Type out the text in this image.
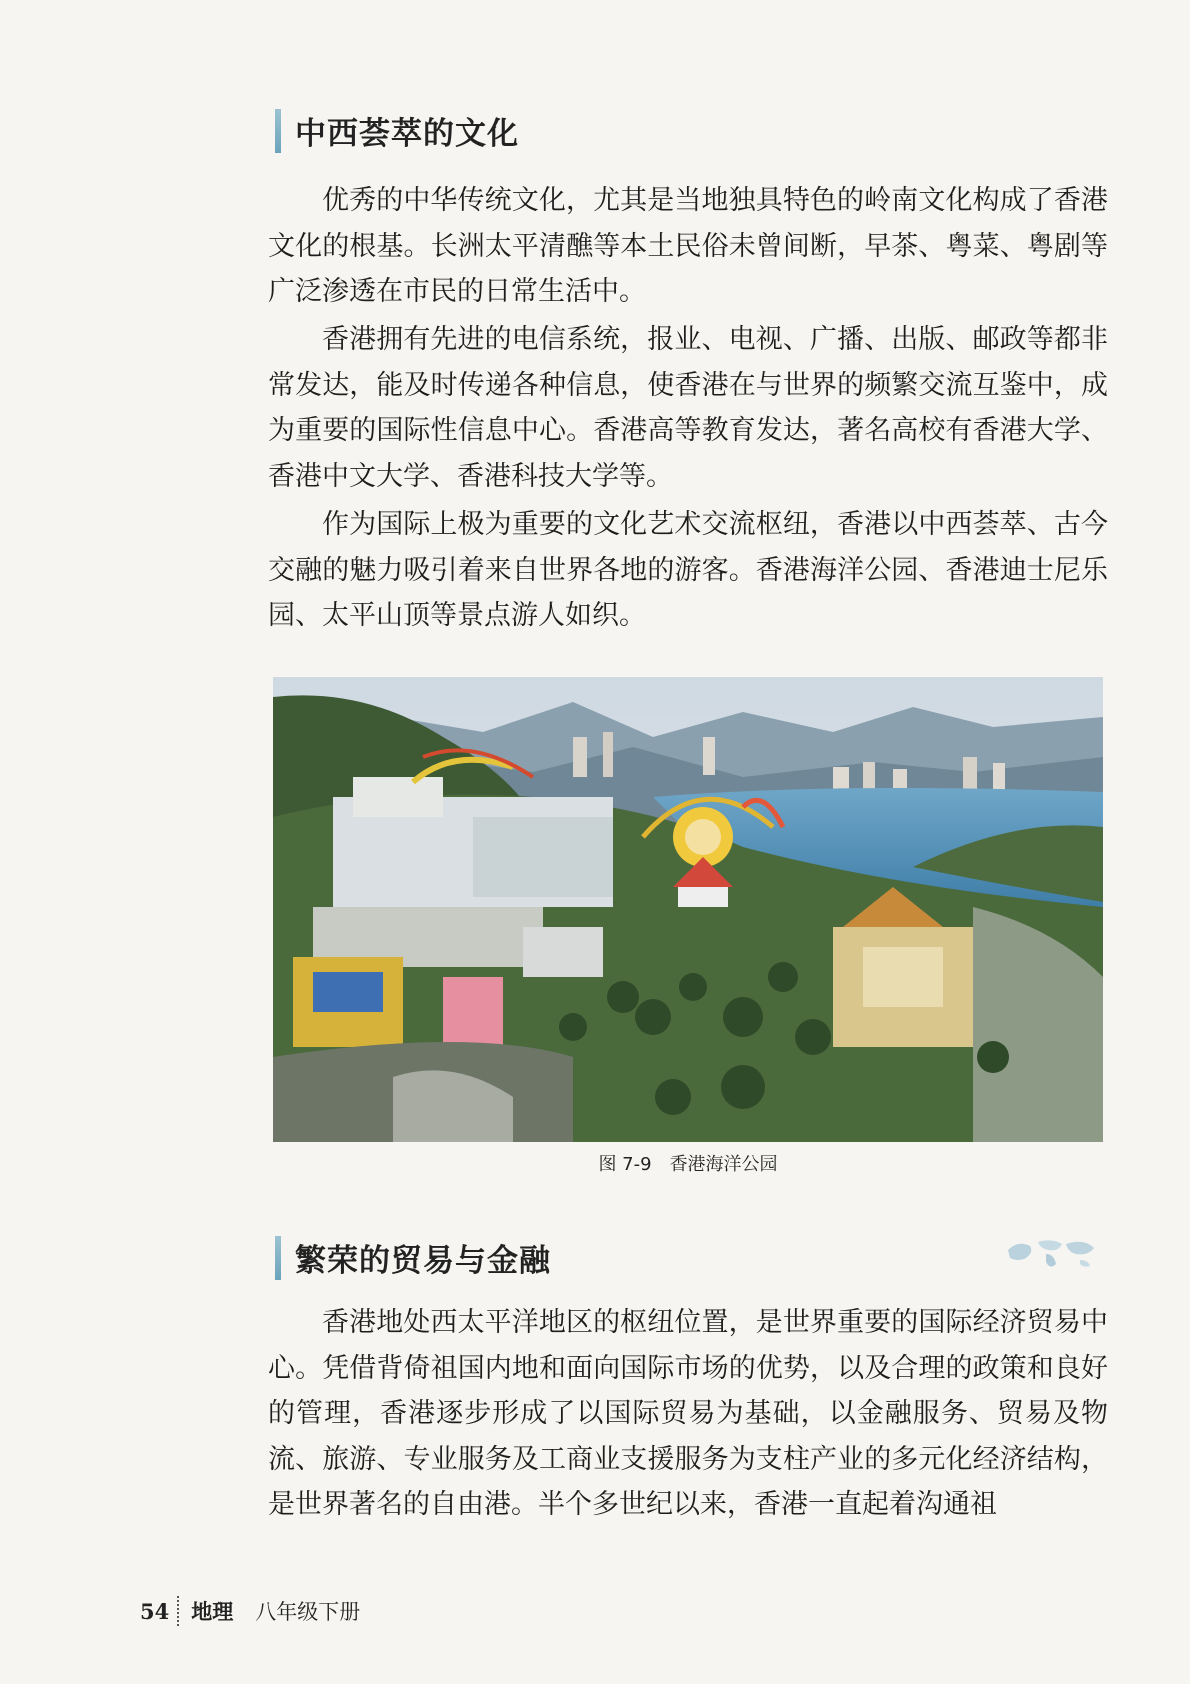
中西荟萃的文化

优秀的中华传统文化，尤其是当地独具特色的岭南文化构成了香港文化的根基。长洲太平清醮等本土民俗未曾间断，早茶、粤菜、粤剧等广泛渗透在市民的日常生活中。

香港拥有先进的电信系统，报业、电视、广播、出版、邮政等都非常发达，能及时传递各种信息，使香港在与世界的频繁交流互鉴中，成为重要的国际性信息中心。香港高等教育发达，著名高校有香港大学、香港中文大学、香港科技大学等。

作为国际上极为重要的文化艺术交流枢纽，香港以中西荟萃、古今交融的魅力吸引着来自世界各地的游客。香港海洋公园、香港迪士尼乐园、太平山顶等景点游人如织。

图 7-9 香港海洋公园
繁荣的贸易与金融

香港地处西太平洋地区的枢纽位置，是世界重要的国际经济贸易中心。凭借背倚祖国内地和面向国际市场的优势，以及合理的政策和良好的管理，香港逐步形成了以国际贸易为基础，以金融服务、贸易及物流、旅游、专业服务及工商业支援服务为支柱产业的多元化经济结构，是世界著名的自由港。半个多世纪以来，香港一直起着沟通祖

54 地理 八年级下册
